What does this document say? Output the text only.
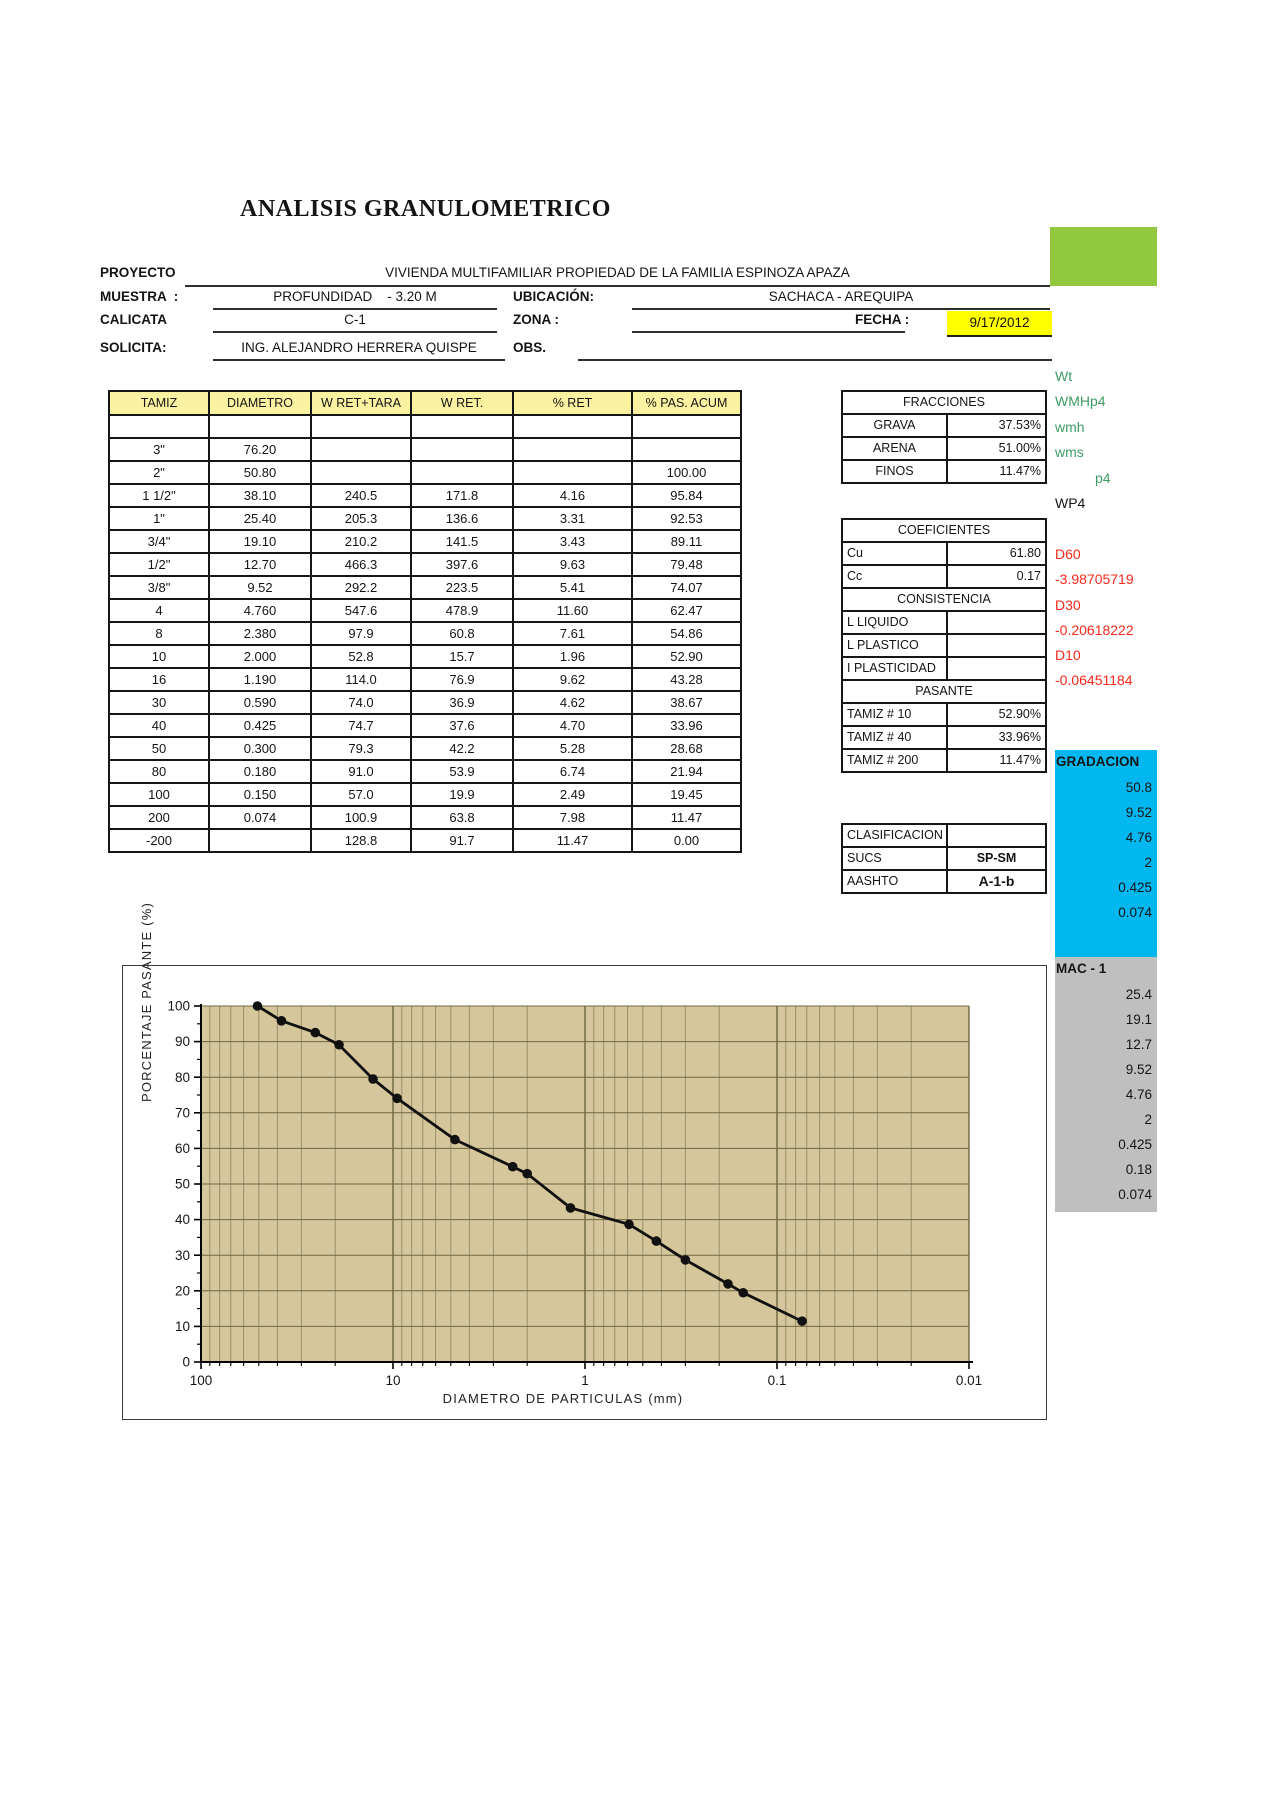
ANALISIS GRANULOMETRICO
PROYECTO	VIVIENDA MULTIFAMILIAR PROPIEDAD DE LA FAMILIA ESPINOZA APAZA
MUESTRA  :	PROFUNDIDAD    - 3.20 M	UBICACIÓN:	SACHACA - AREQUIPA
CALICATA	C-1	ZONA :	FECHA :	9/17/2012
SOLICITA:	ING. ALEJANDRO HERRERA QUISPE	OBS.
TAMIZ	DIAMETRO	W RET+TARA	W RET.	% RET	% PAS. ACUM

3"	76.20				
2"	50.80				100.00
1 1/2"	38.10	240.5	171.8	4.16	95.84
1"	25.40	205.3	136.6	3.31	92.53
3/4"	19.10	210.2	141.5	3.43	89.11
1/2"	12.70	466.3	397.6	9.63	79.48
3/8"	9.52	292.2	223.5	5.41	74.07
4	4.760	547.6	478.9	11.60	62.47
8	2.380	97.9	60.8	7.61	54.86
10	2.000	52.8	15.7	1.96	52.90
16	1.190	114.0	76.9	9.62	43.28
30	0.590	74.0	36.9	4.62	38.67
40	0.425	74.7	37.6	4.70	33.96
50	0.300	79.3	42.2	5.28	28.68
80	0.180	91.0	53.9	6.74	21.94
100	0.150	57.0	19.9	2.49	19.45
200	0.074	100.9	63.8	7.98	11.47
-200		128.8	91.7	11.47	0.00
FRACCIONES	
GRAVA	37.53%
ARENA	51.00%
FINOS	11.47%
COEFICIENTES	
Cu	61.80
Cc	0.17
CONSISTENCIA	
L LIQUIDO	
L PLASTICO	
I PLASTICIDAD	
PASANTE	
TAMIZ # 10	52.90%
TAMIZ # 40	33.96%
TAMIZ # 200	11.47%
CLASIFICACION	
SUCS	SP-SM
AASHTO	A-1-b
Wt
WMHp4
wmh
wms
p4
WP4
D60
-3.98705719
D30
-0.20618222
D10
-0.06451184
GRADACION
50.8
9.52
4.76
2
0.425
0.074
MAC - 1
25.4
19.1
12.7
9.52
4.76
2
0.425
0.18
0.074
0
10
20
30
40
50
60
70
80
90
100
100	10	1	0.1	0.01
DIAMETRO DE PARTICULAS (mm)
PORCENTAJE PASANTE (%)
